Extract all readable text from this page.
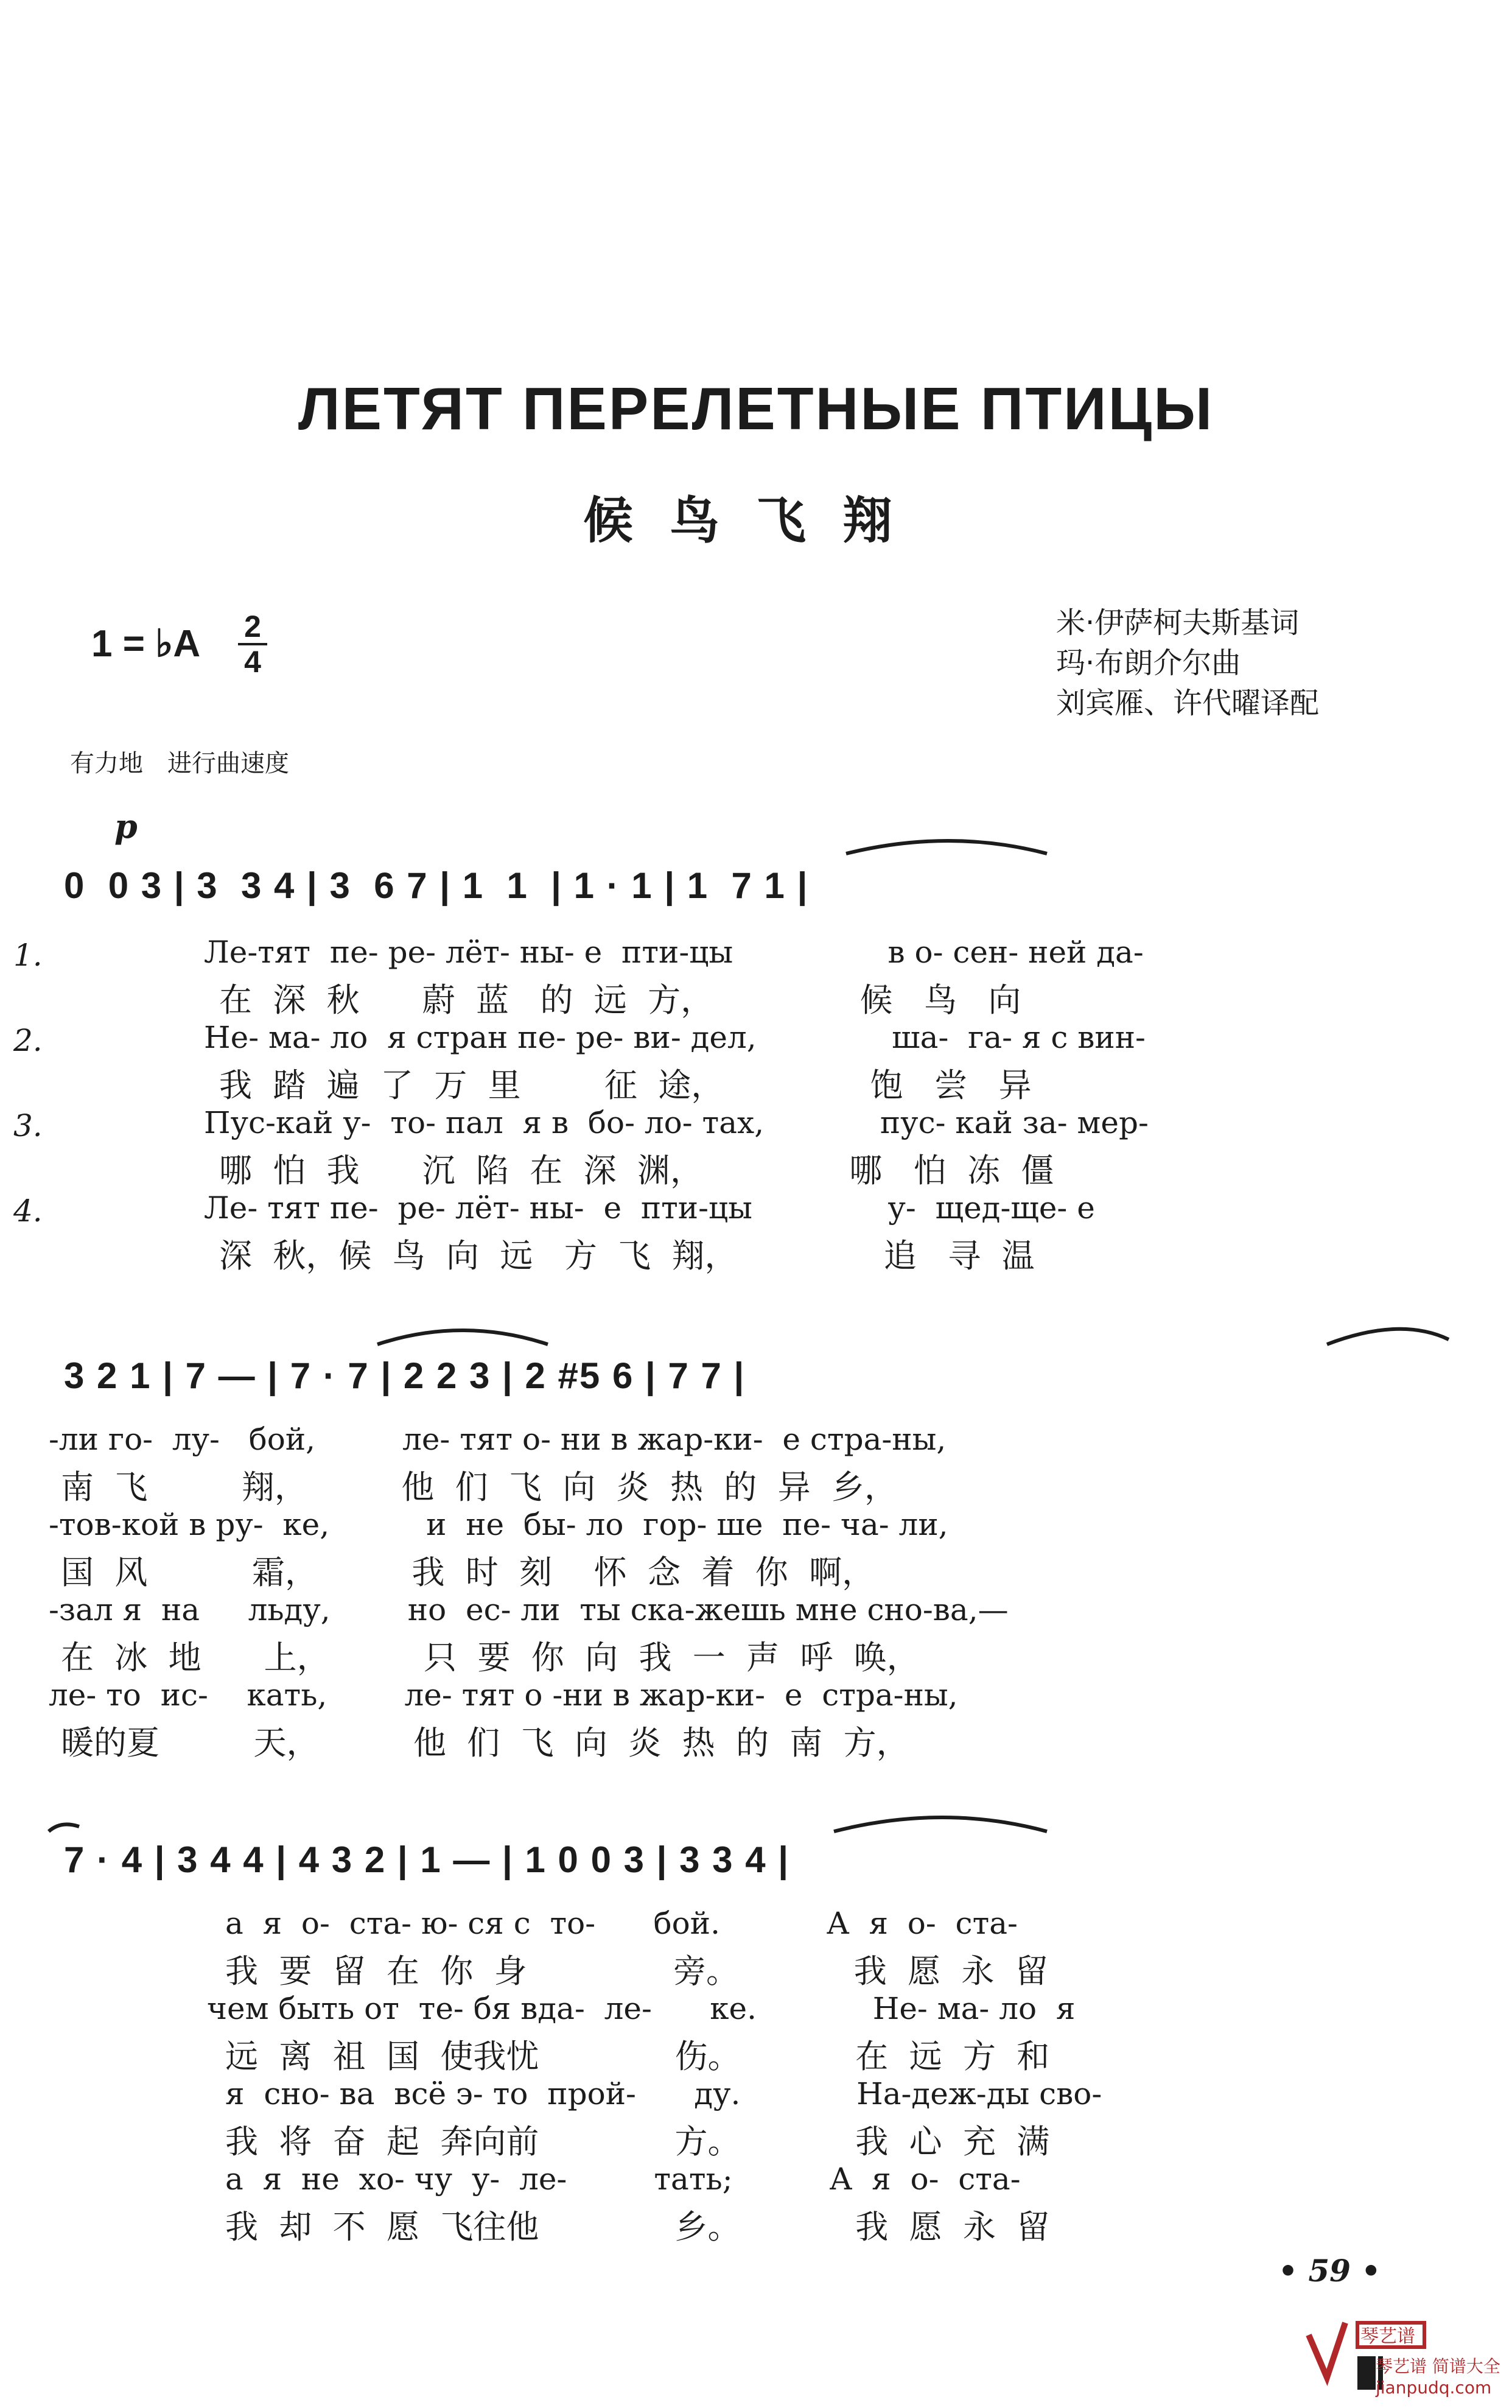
ЛЕТЯТ ПЕРЕЛЕТНЫЕ ПТИЦЫ
候鸟飞翔
1 = ♭A	2
4
米·伊萨柯夫斯基词
玛·布朗介尔曲
刘宾雁、许代曜译配
有力地　进行曲速度
p
0  0 3 | 3  3 4 | 3  6 7 | 1  1  | 1 · 1 | 1  7 1 |
1.
2.
3.
4.
Ле-тят  пе- ре- лёт- ны- е  пти-цы                в о- сен- ней да-
在  深  秋      蔚  蓝   的  远  方，              候   鸟   向
Не- ма- ло  я стран пе- ре- ви- дел,              ша-  га- я с вин-
我  踏  遍  了  万  里        征  途，              饱   尝   异
Пус-кай у-  то- пал  я в  бо- ло- тах,            пус- кай за- мер-
哪  怕  我      沉  陷  在  深  渊，              哪   怕  冻  僵
Ле- тят пе-  ре- лёт- ны-  е  пти-цы              у-  щед-ще- е
深  秋，候  鸟  向  远   方  飞  翔，              追   寻  温
3 2 1 | 7 — | 7 · 7 | 2 2 3 | 2 #5 6 | 7 7 |
-ли го-  лу-   бой,         ле- тят о- ни в жар-ки-  е стра-ны,
南  飞         翔，         他  们  飞  向  炎  热  的  异  乡，
-тов-кой в ру-  ке,          и  не  бы- ло  гор- ше  пе- ча- ли,
国  风          霜，         我  时  刻    怀  念  着  你  啊，
-зал я  на     льду,        но  ес- ли  ты ска-жешь мне сно-ва,—
在  冰  地      上，         只  要  你  向  我  一  声  呼  唤，
ле- то  ис-    кать,        ле- тят о -ни в жар-ки-  е  стра-ны,
暖的夏         天，         他  们  飞  向  炎  热  的  南  方，
7 · 4 | 3 4 4 | 4 3 2 | 1 — | 1 0 0 3 | 3 3 4 |
а  я  о-  ста- ю- ся с  то-      бой.           А  я  о-  ста-
我  要  留  在  你  身              旁。           我  愿  永  留
чем быть от  те- бя вда-  ле-      ке.            Не- ма- ло  я
远  离  祖  国  使我忧             伤。           在  远  方  和
я  сно- ва  всё э- то  прой-      ду.            На-деж-ды сво-
我  将  奋  起  奔向前             方。           我  心  充  满
а  я  не  хо- чу  у-  ле-         тать;          А  я  о-  ста-
我  却  不  愿  飞往他             乡。           我  愿  永  留
• 59 •
琴艺谱
琴艺谱 简谱大全 jianpudq.com
